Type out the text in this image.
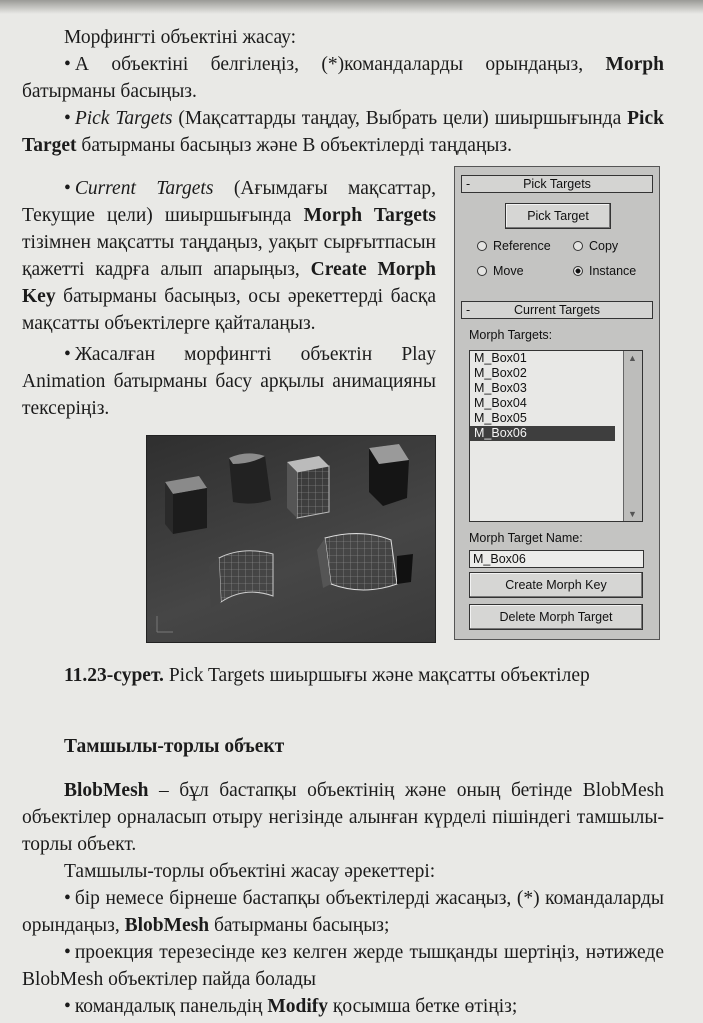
Морфингті объектіні жасау:

• А объектіні белгілеңіз, (*)командаларды орындаңыз, Morph батырманы басыңыз.

• Pick Targets (Мақсаттарды таңдау, Выбрать цели) шиыршығында Pick Target батырманы басыңыз және B объектілерді таңдаңыз.

• Current Targets (Ағымдағы мақсаттар, Текущие цели) шиыршығында Morph Targets тізімнен мақсатты таңдаңыз, уақыт сырғытпасын қажетті кадрға алып апарыңыз, Create Morph Key батырманы басыңыз, осы әрекеттерді басқа мақсатты объектілерге қайталаңыз.

• Жасалған морфингті объектін Play Animation батырманы басу арқылы анимацияны тексеріңіз.

-	Pick Targets
Pick Target
Reference	Copy
Move	Instance
-	Current Targets
Morph Targets:
M_Box01
M_Box02
M_Box03
M_Box04
M_Box05
M_Box06
▲
▼
Morph Target Name:
M_Box06
Create Morph Key
Delete Morph Target

11.23-сурет. Pick Targets шиыршығы және мақсатты объектілер

Тамшылы-торлы объект

BlobMesh – бұл бастапқы объектінің және оның бетінде BlobMesh объектілер орналасып отыру негізінде алынған күрделі пішіндегі тамшылы-торлы объект.

Тамшылы-торлы объектіні жасау әрекеттері:

• бір немесе бірнеше бастапқы объектілерді жасаңыз, (*) командаларды орындаңыз, BlobMesh батырманы басыңыз;

• проекция терезесінде кез келген жерде тышқанды шертіңіз, нәтижеде BlobMesh объектілер пайда болады

• командалық панельдің Modify қосымша бетке өтіңіз;
